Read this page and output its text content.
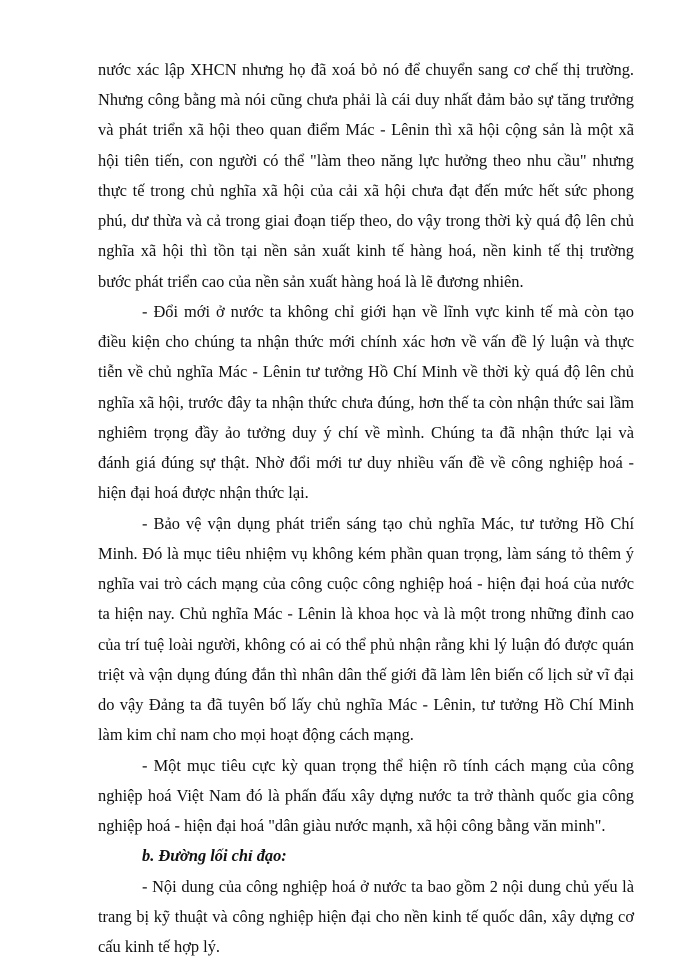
nước xác lập XHCN nhưng họ đã xoá bỏ nó để chuyển sang cơ chế thị trường.
Nhưng công bằng mà nói cũng chưa phải là cái duy nhất đảm bảo sự tăng trưởng
và phát triển xã hội theo quan điểm Mác - Lênin thì xã hội cộng sản là một xã
hội tiên tiến, con người có thể "làm theo năng lực hưởng theo nhu cầu" nhưng
thực tế trong chủ nghĩa xã hội của cải xã hội chưa đạt đến mức hết sức phong
phú, dư thừa và cả trong giai đoạn tiếp theo, do vậy trong thời kỳ quá độ lên chủ
nghĩa xã hội thì tồn tại nền sản xuất kinh tế hàng hoá, nền kinh tế thị trường
bước phát triển cao của nền sản xuất hàng hoá là lẽ đương nhiên.
- Đổi mới ở nước ta không chỉ giới hạn về lĩnh vực kinh tế mà còn tạo
điều kiện cho chúng ta nhận thức mới chính xác hơn về vấn đề lý luận và thực
tiễn về chủ nghĩa Mác - Lênin tư tưởng Hồ Chí Minh về thời kỳ quá độ lên chủ
nghĩa xã hội, trước đây ta nhận thức chưa đúng, hơn thế ta còn nhận thức sai lầm
nghiêm trọng đầy ảo tưởng duy ý chí về mình. Chúng ta đã nhận thức lại và
đánh giá đúng sự thật. Nhờ đổi mới tư duy nhiều vấn đề về công nghiệp hoá -
hiện đại hoá được nhận thức lại.
- Bảo vệ vận dụng phát triển sáng tạo chủ nghĩa Mác, tư tưởng Hồ Chí
Minh. Đó là mục tiêu nhiệm vụ không kém phần quan trọng, làm sáng tỏ thêm ý
nghĩa vai trò cách mạng của công cuộc công nghiệp hoá - hiện đại hoá của nước
ta hiện nay. Chủ nghĩa Mác - Lênin là khoa học và là một trong những đỉnh cao
của trí tuệ loài người, không có ai có thể phủ nhận rằng khi lý luận đó được quán
triệt và vận dụng đúng đắn thì nhân dân thế giới đã làm lên biến cố lịch sử vĩ đại
do vậy Đảng ta đã tuyên bố lấy chủ nghĩa Mác - Lênin, tư tưởng Hồ Chí Minh
làm kim chỉ nam cho mọi hoạt động cách mạng.
- Một mục tiêu cực kỳ quan trọng thể hiện rõ tính cách mạng của công
nghiệp hoá Việt Nam đó là phấn đấu xây dựng nước ta trở thành quốc gia công
nghiệp hoá - hiện đại hoá "dân giàu nước mạnh, xã hội công bằng văn minh".
b. Đường lối chỉ đạo:
- Nội dung của công nghiệp hoá ở nước ta bao gồm 2 nội dung chủ yếu là
trang bị kỹ thuật và công nghiệp hiện đại cho nền kinh tế quốc dân, xây dựng cơ
cấu kinh tế hợp lý.
